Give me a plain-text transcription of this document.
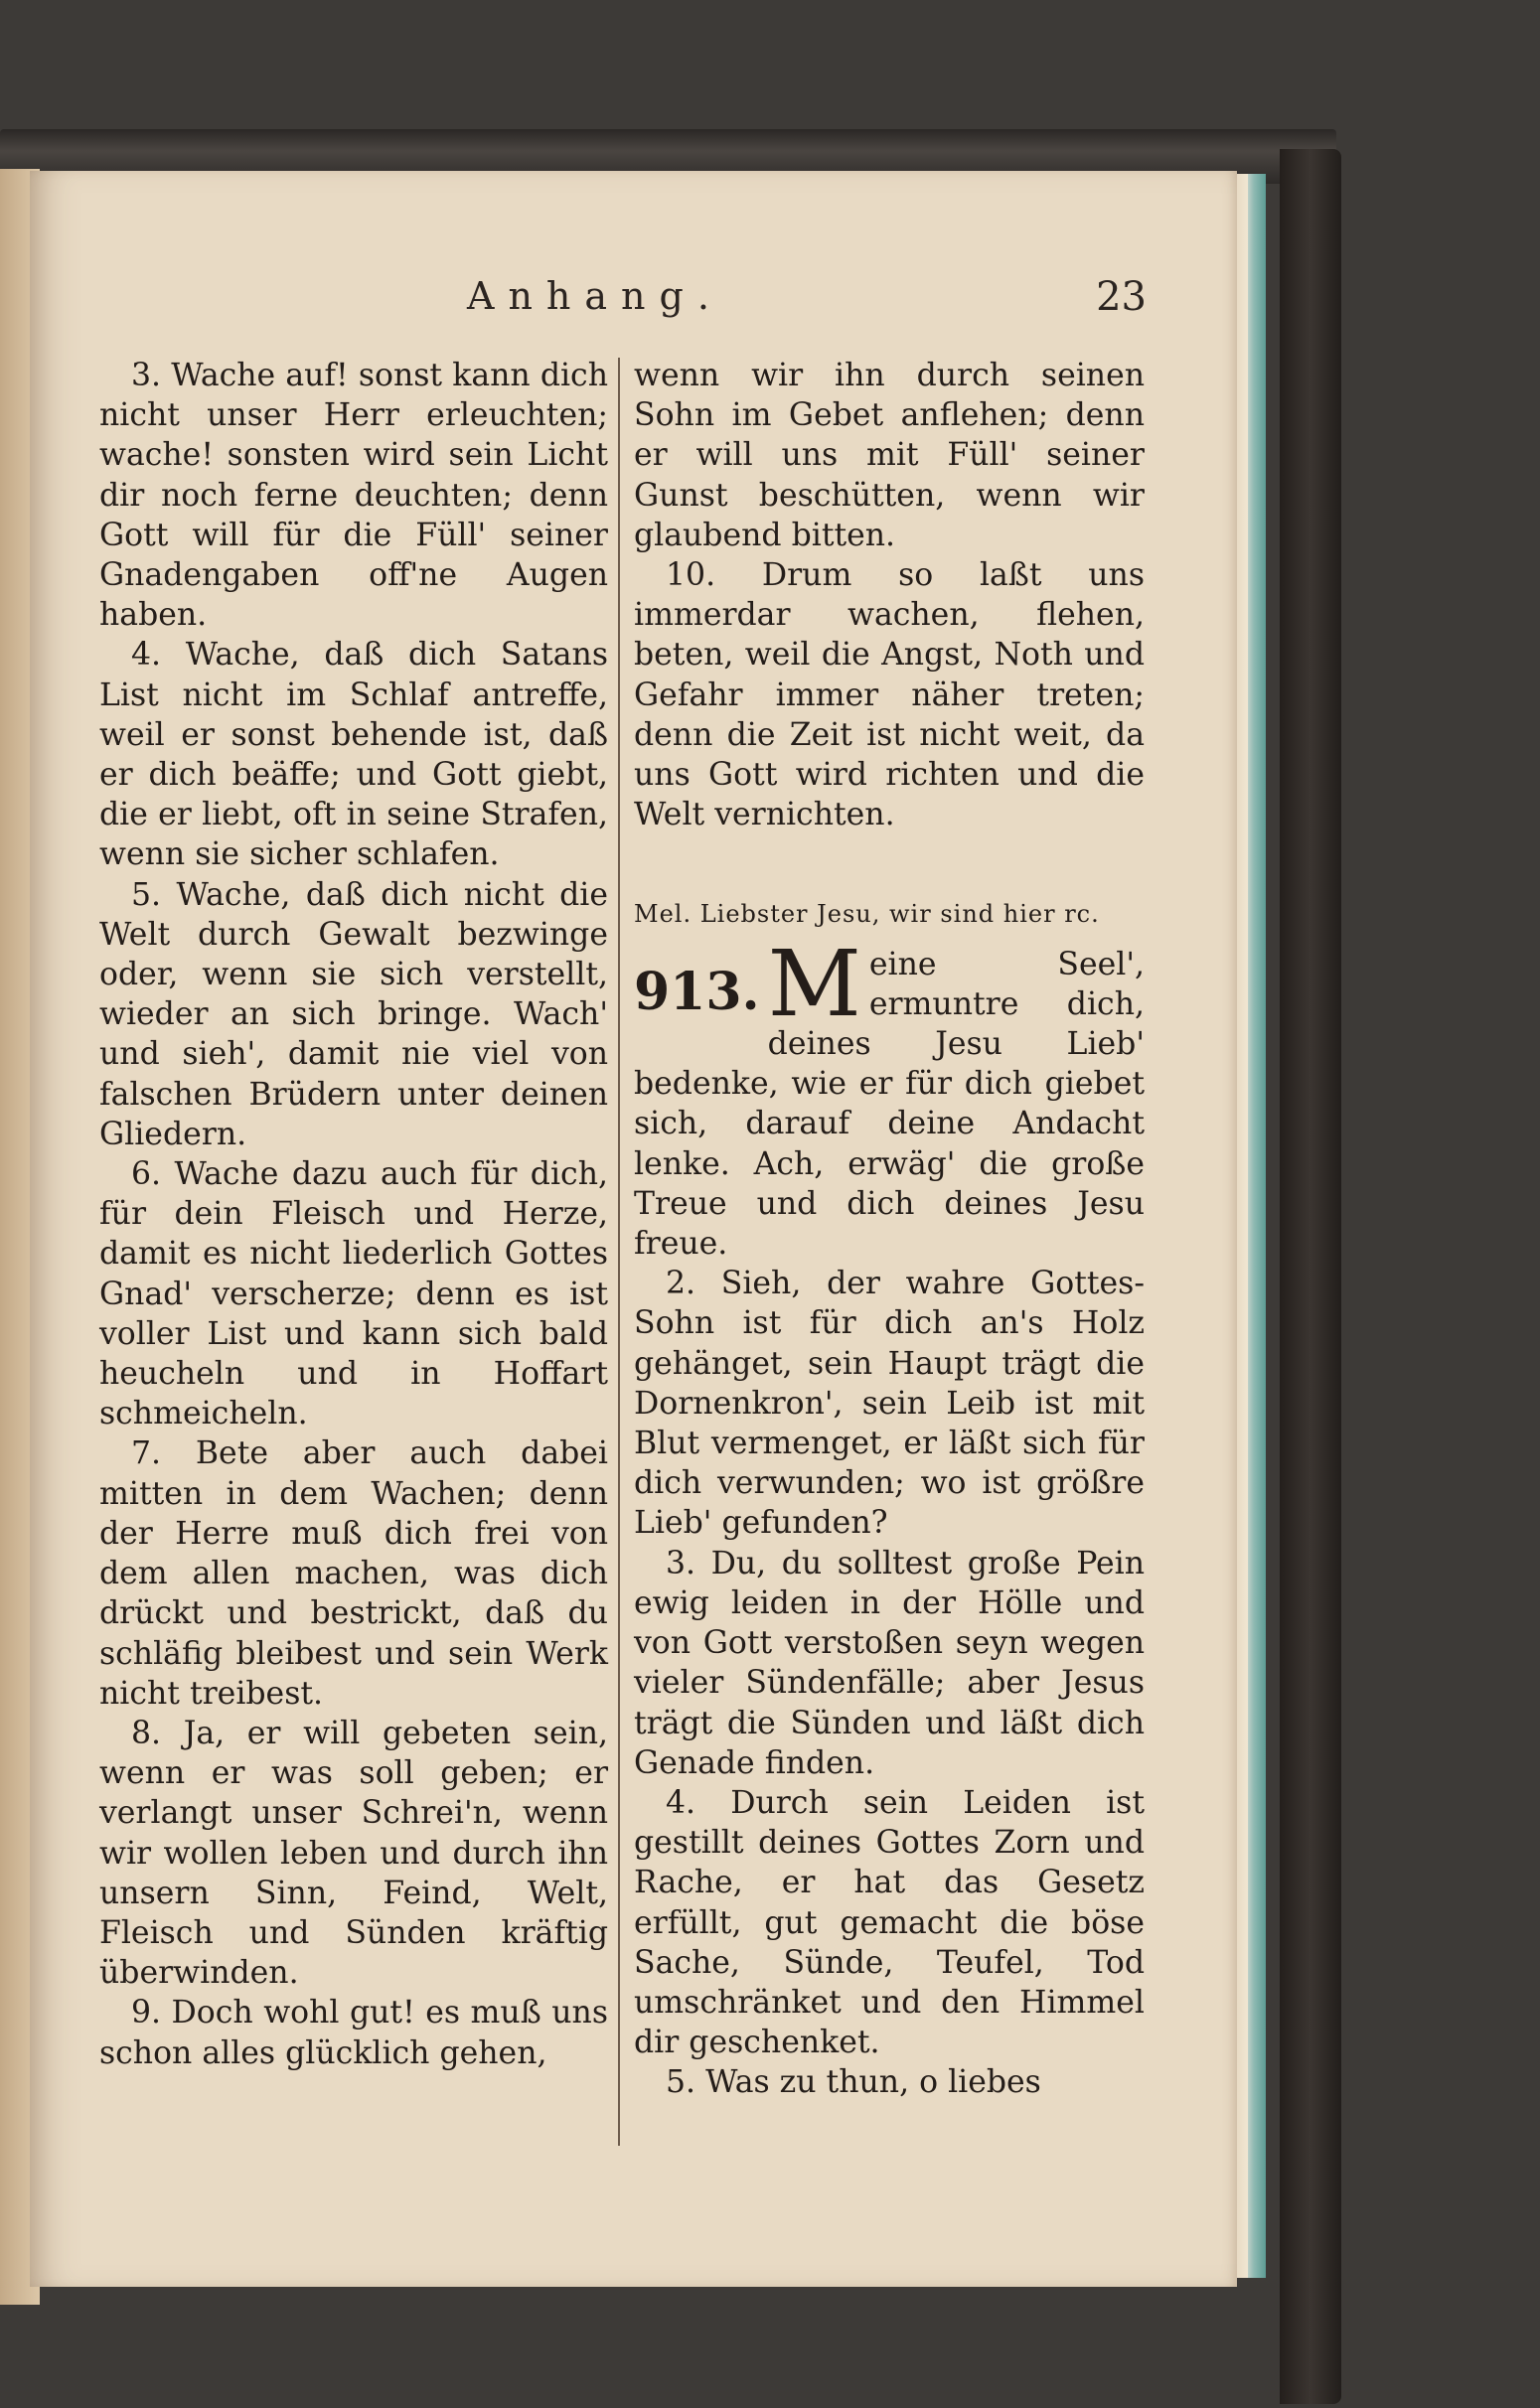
Anhang.	23

3. Wache auf! sonst kann dich nicht unser Herr erleuchten; wache! sonsten wird sein Licht dir noch ferne deuchten; denn Gott will für die Füll' seiner Gnadengaben off'ne Augen haben.

4. Wache, daß dich Satans List nicht im Schlaf antreffe, weil er sonst behende ist, daß er dich beäffe; und Gott giebt, die er liebt, oft in seine Strafen, wenn sie sicher schlafen.

5. Wache, daß dich nicht die Welt durch Gewalt bezwinge oder, wenn sie sich verstellt, wieder an sich bringe. Wach' und sieh', damit nie viel von falschen Brüdern unter deinen Gliedern.

6. Wache dazu auch für dich, für dein Fleisch und Herze, damit es nicht liederlich Gottes Gnad' verscherze; denn es ist voller List und kann sich bald heucheln und in Hoffart schmeicheln.

7. Bete aber auch dabei mitten in dem Wachen; denn der Herre muß dich frei von dem allen machen, was dich drückt und bestrickt, daß du schläfig bleibest und sein Werk nicht treibest.

8. Ja, er will gebeten sein, wenn er was soll geben; er verlangt unser Schrei'n, wenn wir wollen leben und durch ihn unsern Sinn, Feind, Welt, Fleisch und Sünden kräftig überwinden.

9. Doch wohl gut! es muß uns schon alles glücklich gehen,

wenn wir ihn durch seinen Sohn im Gebet anflehen; denn er will uns mit Füll' seiner Gunst beschütten, wenn wir glaubend bitten.

10. Drum so laßt uns immerdar wachen, flehen, beten, weil die Angst, Noth und Gefahr immer näher treten; denn die Zeit ist nicht weit, da uns Gott wird richten und die Welt vernichten.

Mel. Liebster Jesu, wir sind hier rc.

913. M eine Seel', ermuntre dich, deines Jesu Lieb' bedenke, wie er für dich giebet sich, darauf deine Andacht lenke. Ach, erwäg' die große Treue und dich deines Jesu freue.

2. Sieh, der wahre Gottes-Sohn ist für dich an's Holz gehänget, sein Haupt trägt die Dornenkron', sein Leib ist mit Blut vermenget, er läßt sich für dich verwunden; wo ist größre Lieb' gefunden?

3. Du, du solltest große Pein ewig leiden in der Hölle und von Gott verstoßen seyn wegen vieler Sündenfälle; aber Jesus trägt die Sünden und läßt dich Genade finden.

4. Durch sein Leiden ist gestillt deines Gottes Zorn und Rache, er hat das Gesetz erfüllt, gut gemacht die böse Sache, Sünde, Teufel, Tod umschränket und den Himmel dir geschenket.

5. Was zu thun, o liebes
